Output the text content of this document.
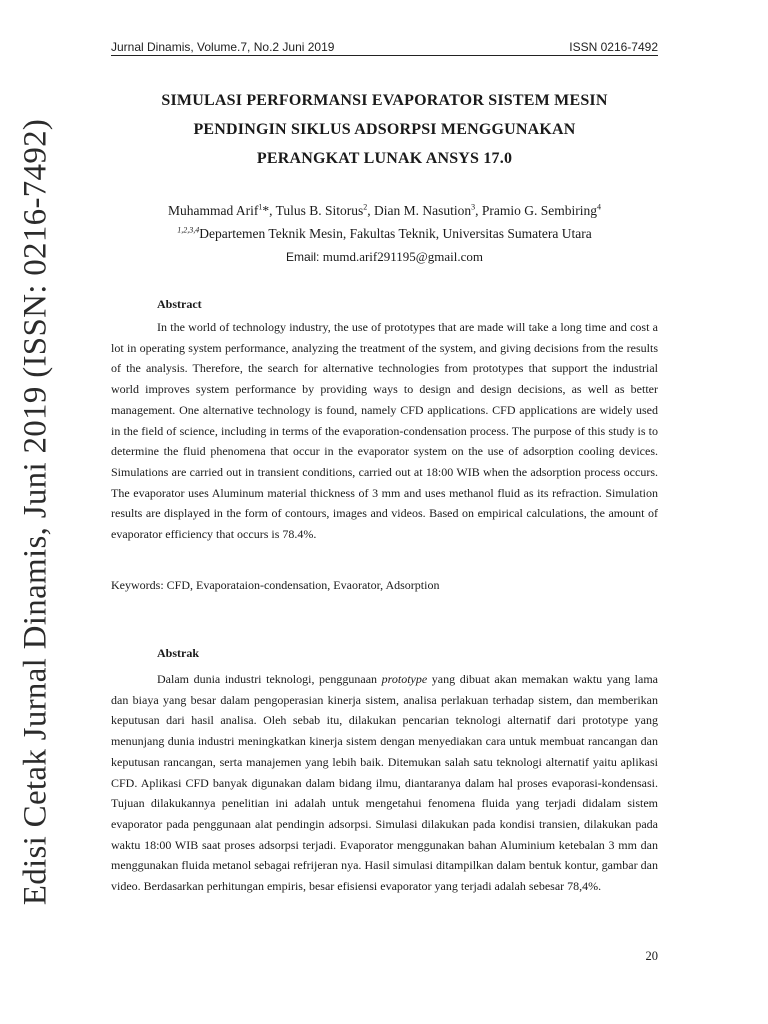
Edisi Cetak Jurnal Dinamis, Juni 2019 (ISSN: 0216-7492)
Jurnal Dinamis, Volume.7, No.2 Juni 2019	ISSN 0216-7492
SIMULASI PERFORMANSI EVAPORATOR SISTEM MESIN
PENDINGIN SIKLUS ADSORPSI MENGGUNAKAN
PERANGKAT LUNAK ANSYS 17.0
Muhammad Arif$^1$*, Tulus B. Sitorus$^2$, Dian M. Nasution$^3$, Pramio G. Sembiring$^4$
$^{1,2,3,4}$Departemen Teknik Mesin, Fakultas Teknik, Universitas Sumatera Utara
Email: mumd.arif291195@gmail.com
Abstract
In the world of technology industry, the use of prototypes that are made will take a long time and cost a lot in operating system performance, analyzing the treatment of the system, and giving decisions from the results of the analysis. Therefore, the search for alternative technologies from prototypes that support the industrial world improves system performance by providing ways to design and design decisions, as well as better management. One alternative technology is found, namely CFD applications. CFD applications are widely used in the field of science, including in terms of the evaporation-condensation process. The purpose of this study is to determine the fluid phenomena that occur in the evaporator system on the use of adsorption cooling devices. Simulations are carried out in transient conditions, carried out at 18:00 WIB when the adsorption process occurs. The evaporator uses Aluminum material thickness of 3 mm and uses methanol fluid as its refraction. Simulation results are displayed in the form of contours, images and videos. Based on empirical calculations, the amount of evaporator efficiency that occurs is 78.4%.
Keywords: CFD, Evaporataion-condensation, Evaorator, Adsorption
Abstrak
Dalam dunia industri teknologi, penggunaan prototype yang dibuat akan memakan waktu yang lama dan biaya yang besar dalam pengoperasian kinerja sistem, analisa perlakuan terhadap sistem, dan memberikan keputusan dari hasil analisa. Oleh sebab itu, dilakukan pencarian teknologi alternatif dari prototype yang menunjang dunia industri meningkatkan kinerja sistem dengan menyediakan cara untuk membuat rancangan dan keputusan rancangan, serta manajemen yang lebih baik. Ditemukan salah satu teknologi alternatif yaitu aplikasi CFD. Aplikasi CFD banyak digunakan dalam bidang ilmu, diantaranya dalam hal proses evaporasi-kondensasi. Tujuan dilakukannya penelitian ini adalah untuk mengetahui fenomena fluida yang terjadi didalam sistem evaporator pada penggunaan alat pendingin adsorpsi. Simulasi dilakukan pada kondisi transien, dilakukan pada waktu 18:00 WIB saat proses adsorpsi terjadi. Evaporator menggunakan bahan Aluminium ketebalan 3 mm dan menggunakan fluida metanol sebagai refrijeran nya. Hasil simulasi ditampilkan dalam bentuk kontur, gambar dan video. Berdasarkan perhitungan empiris, besar efisiensi evaporator yang terjadi adalah sebesar 78,4%.
20
